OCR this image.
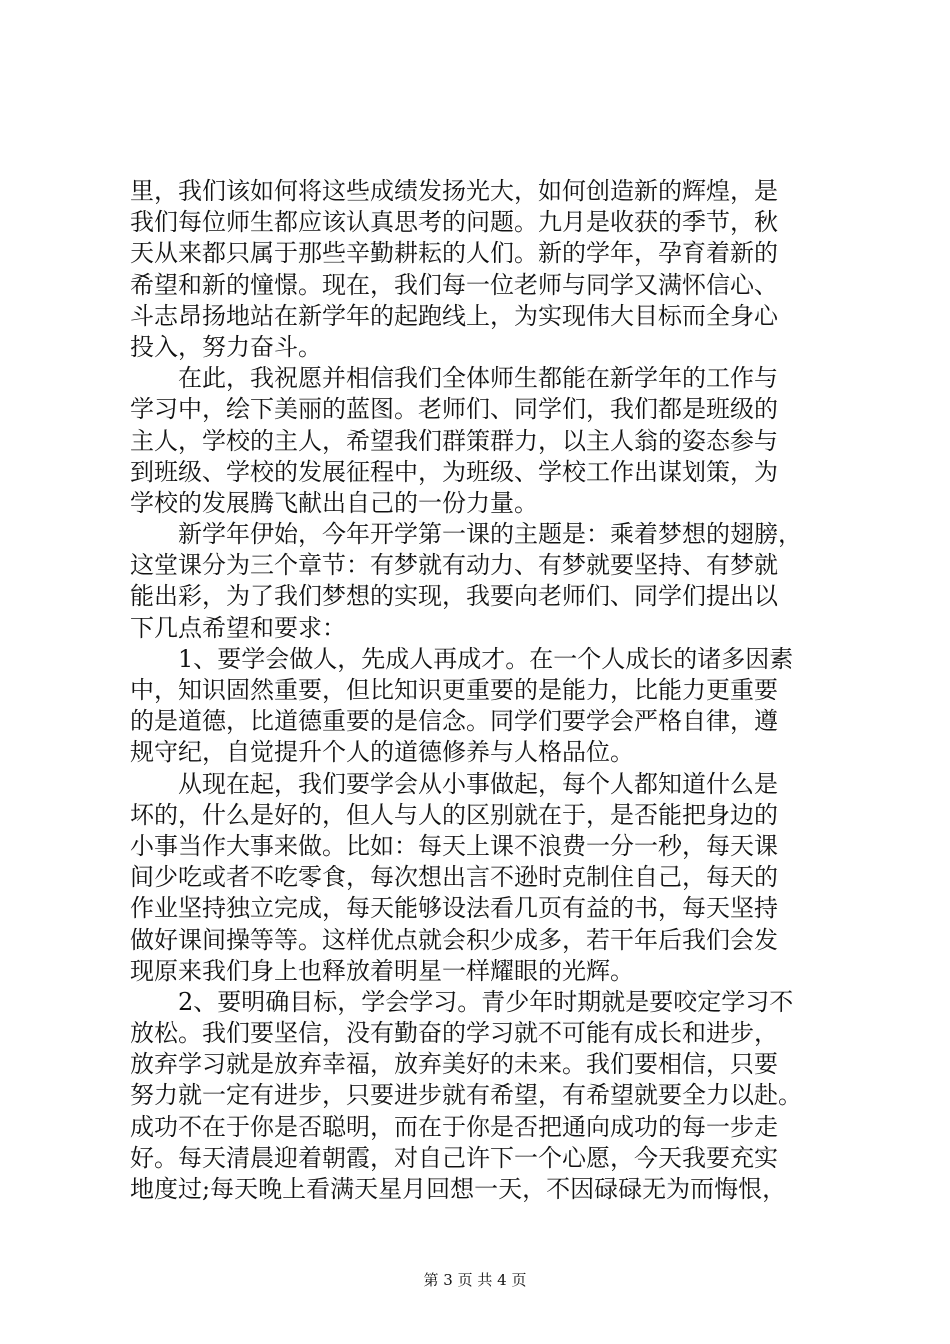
里，我们该如何将这些成绩发扬光大，如何创造新的辉煌，是
我们每位师生都应该认真思考的问题。九月是收获的季节，秋
天从来都只属于那些辛勤耕耘的人们。新的学年，孕育着新的
希望和新的憧憬。现在，我们每一位老师与同学又满怀信心、
斗志昂扬地站在新学年的起跑线上，为实现伟大目标而全身心
投入，努力奋斗。
在此，我祝愿并相信我们全体师生都能在新学年的工作与
学习中，绘下美丽的蓝图。老师们、同学们，我们都是班级的
主人，学校的主人，希望我们群策群力，以主人翁的姿态参与
到班级、学校的发展征程中，为班级、学校工作出谋划策，为
学校的发展腾飞献出自己的一份力量。
新学年伊始，今年开学第一课的主题是：乘着梦想的翅膀，
这堂课分为三个章节：有梦就有动力、有梦就要坚持、有梦就
能出彩，为了我们梦想的实现，我要向老师们、同学们提出以
下几点希望和要求：
1、要学会做人，先成人再成才。在一个人成长的诸多因素
中，知识固然重要，但比知识更重要的是能力，比能力更重要
的是道德，比道德重要的是信念。同学们要学会严格自律，遵
规守纪，自觉提升个人的道德修养与人格品位。
从现在起，我们要学会从小事做起，每个人都知道什么是
坏的，什么是好的，但人与人的区别就在于，是否能把身边的
小事当作大事来做。比如：每天上课不浪费一分一秒，每天课
间少吃或者不吃零食，每次想出言不逊时克制住自己，每天的
作业坚持独立完成，每天能够设法看几页有益的书，每天坚持
做好课间操等等。这样优点就会积少成多，若干年后我们会发
现原来我们身上也释放着明星一样耀眼的光辉。
2、要明确目标，学会学习。青少年时期就是要咬定学习不
放松。我们要坚信，没有勤奋的学习就不可能有成长和进步，
放弃学习就是放弃幸福，放弃美好的未来。我们要相信，只要
努力就一定有进步，只要进步就有希望，有希望就要全力以赴。
成功不在于你是否聪明，而在于你是否把通向成功的每一步走
好。每天清晨迎着朝霞，对自己许下一个心愿，今天我要充实
地度过;每天晚上看满天星月回想一天，不因碌碌无为而悔恨，
第 3 页 共 4 页
